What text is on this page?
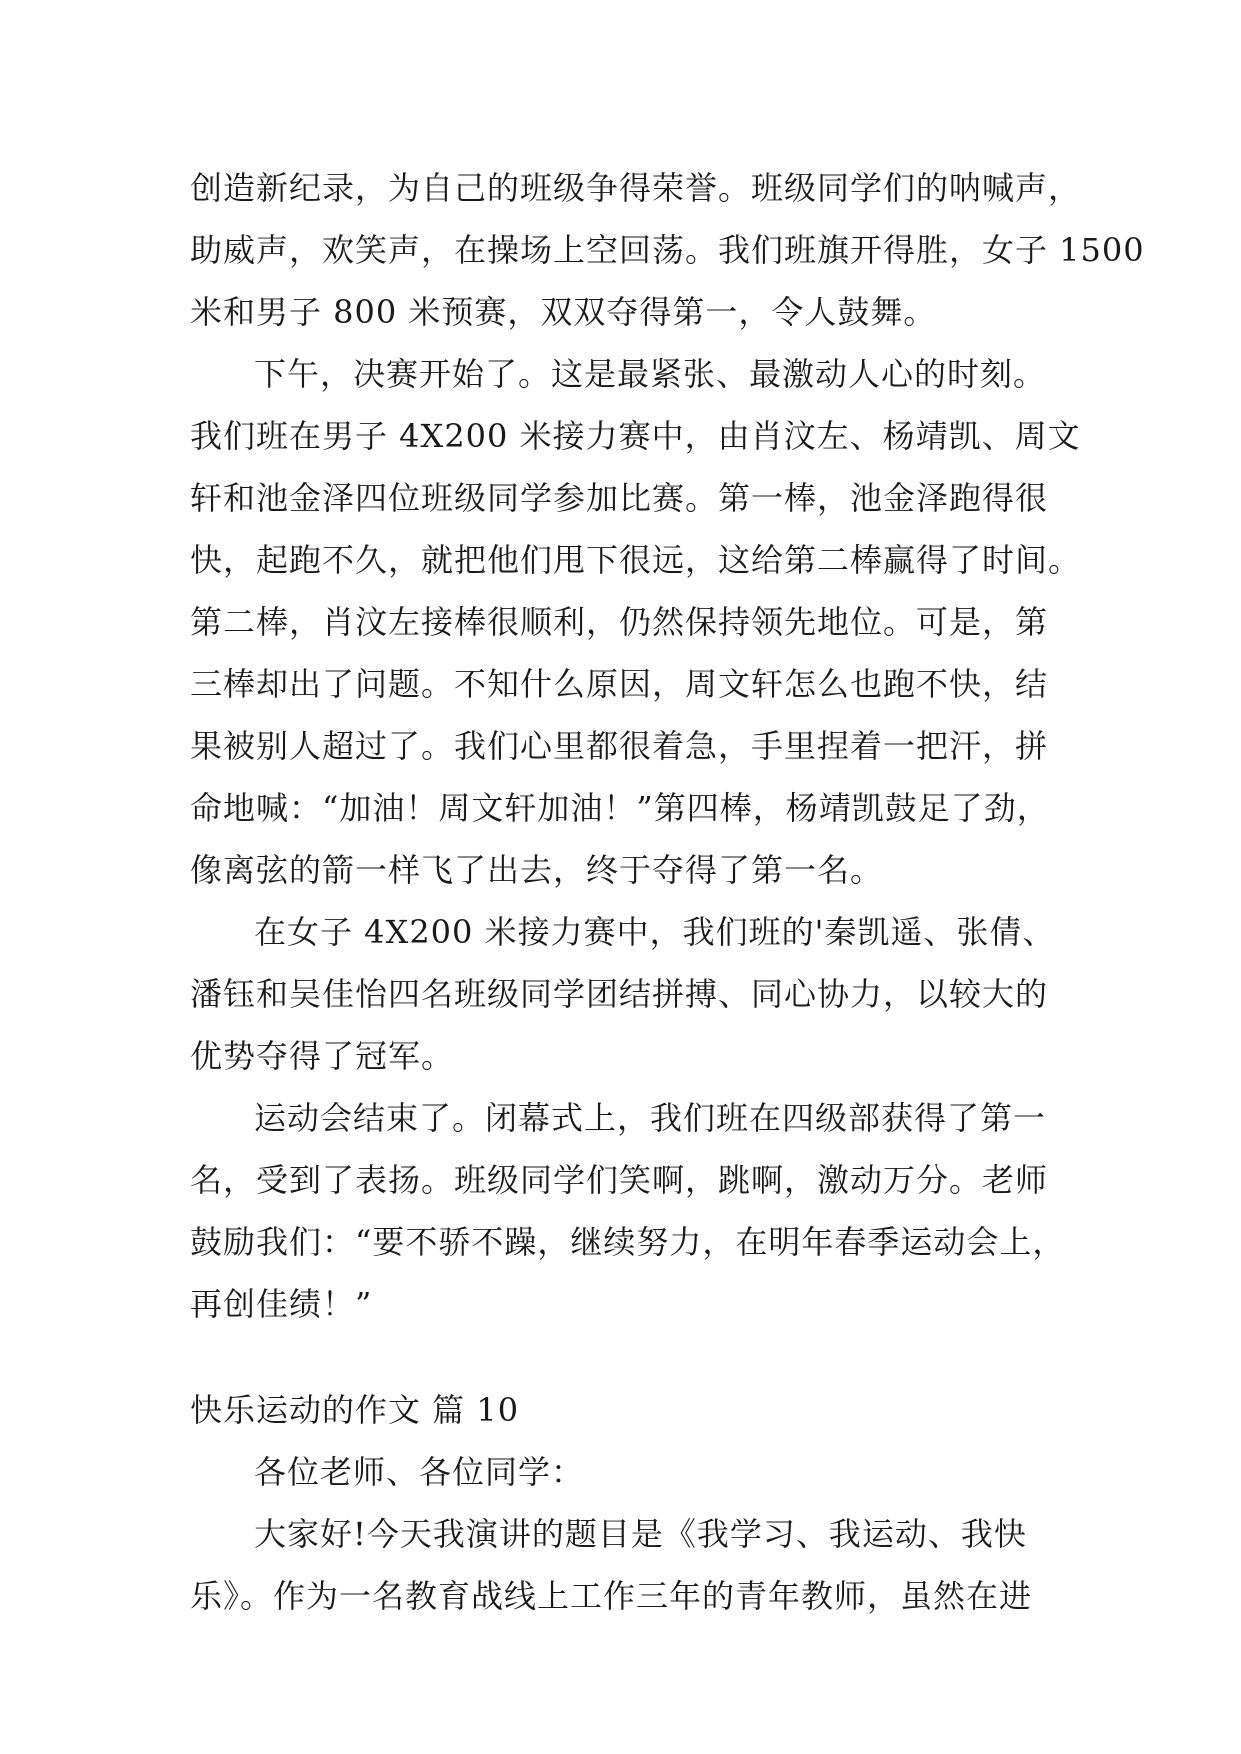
创造新纪录，为自己的班级争得荣誉。班级同学们的呐喊声，
助威声，欢笑声，在操场上空回荡。我们班旗开得胜，女子 1500
米和男子 800 米预赛，双双夺得第一，令人鼓舞。
下午，决赛开始了。这是最紧张、最激动人心的时刻。
我们班在男子 4X200 米接力赛中，由肖汶左、杨靖凯、周文
轩和池金泽四位班级同学参加比赛。第一棒，池金泽跑得很
快，起跑不久，就把他们甩下很远，这给第二棒赢得了时间。
第二棒，肖汶左接棒很顺利，仍然保持领先地位。可是，第
三棒却出了问题。不知什么原因，周文轩怎么也跑不快，结
果被别人超过了。我们心里都很着急，手里捏着一把汗，拼
命地喊：“加油！周文轩加油！”第四棒，杨靖凯鼓足了劲，
像离弦的箭一样飞了出去，终于夺得了第一名。
在女子 4X200 米接力赛中，我们班的'秦凯遥、张倩、
潘钰和吴佳怡四名班级同学团结拼搏、同心协力，以较大的
优势夺得了冠军。
运动会结束了。闭幕式上，我们班在四级部获得了第一
名，受到了表扬。班级同学们笑啊，跳啊，激动万分。老师
鼓励我们：“要不骄不躁，继续努力，在明年春季运动会上，
再创佳绩！”
快乐运动的作文 篇 10
各位老师、各位同学：
大家好!今天我演讲的题目是《我学习、我运动、我快
乐》。作为一名教育战线上工作三年的青年教师，虽然在进
